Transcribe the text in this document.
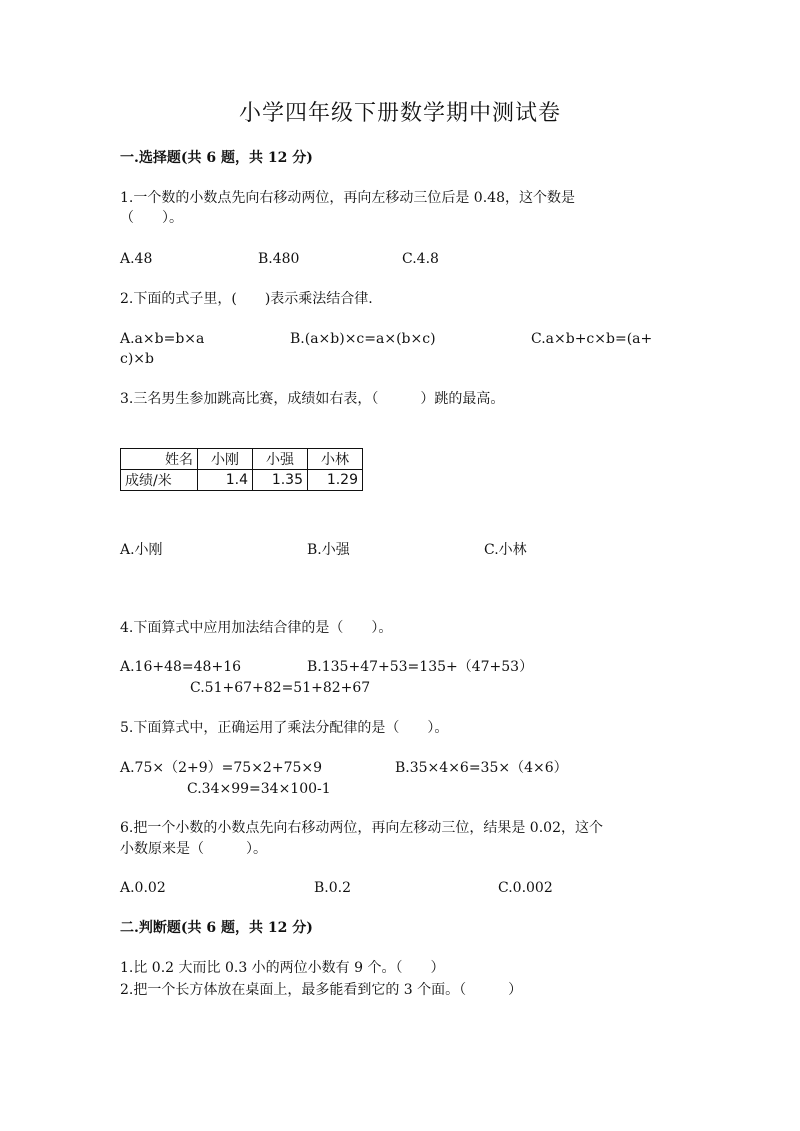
小学四年级下册数学期中测试卷
一.选择题(共 6 题，共 12 分)
1.一个数的小数点先向右移动两位，再向左移动三位后是 0.48，这个数是
（　　）。
A.48	B.480	C.4.8
2.下面的式子里，(　　)表示乘法结合律.
A.a×b=b×a	B.(a×b)×c=a×(b×c)	C.a×b+c×b=(a+
c)×b
3.三名男生参加跳高比赛，成绩如右表，（　　　）跳的最高。
姓名	小刚	小强	小林
成绩/米	1.4	1.35	1.29
A.小刚	B.小强	C.小林
4.下面算式中应用加法结合律的是（　　）。
A.16+48=48+16	B.135+47+53=135+（47+53）
C.51+67+82=51+82+67
5.下面算式中，正确运用了乘法分配律的是（　　）。
A.75×（2+9）=75×2+75×9	B.35×4×6=35×（4×6）
C.34×99=34×100-1
6.把一个小数的小数点先向右移动两位，再向左移动三位，结果是 0.02，这个
小数原来是（　　　）。
A.0.02	B.0.2	C.0.002
二.判断题(共 6 题，共 12 分)
1.比 0.2 大而比 0.3 小的两位小数有 9 个。（　　）
2.把一个长方体放在桌面上，最多能看到它的 3 个面。（　　　）
